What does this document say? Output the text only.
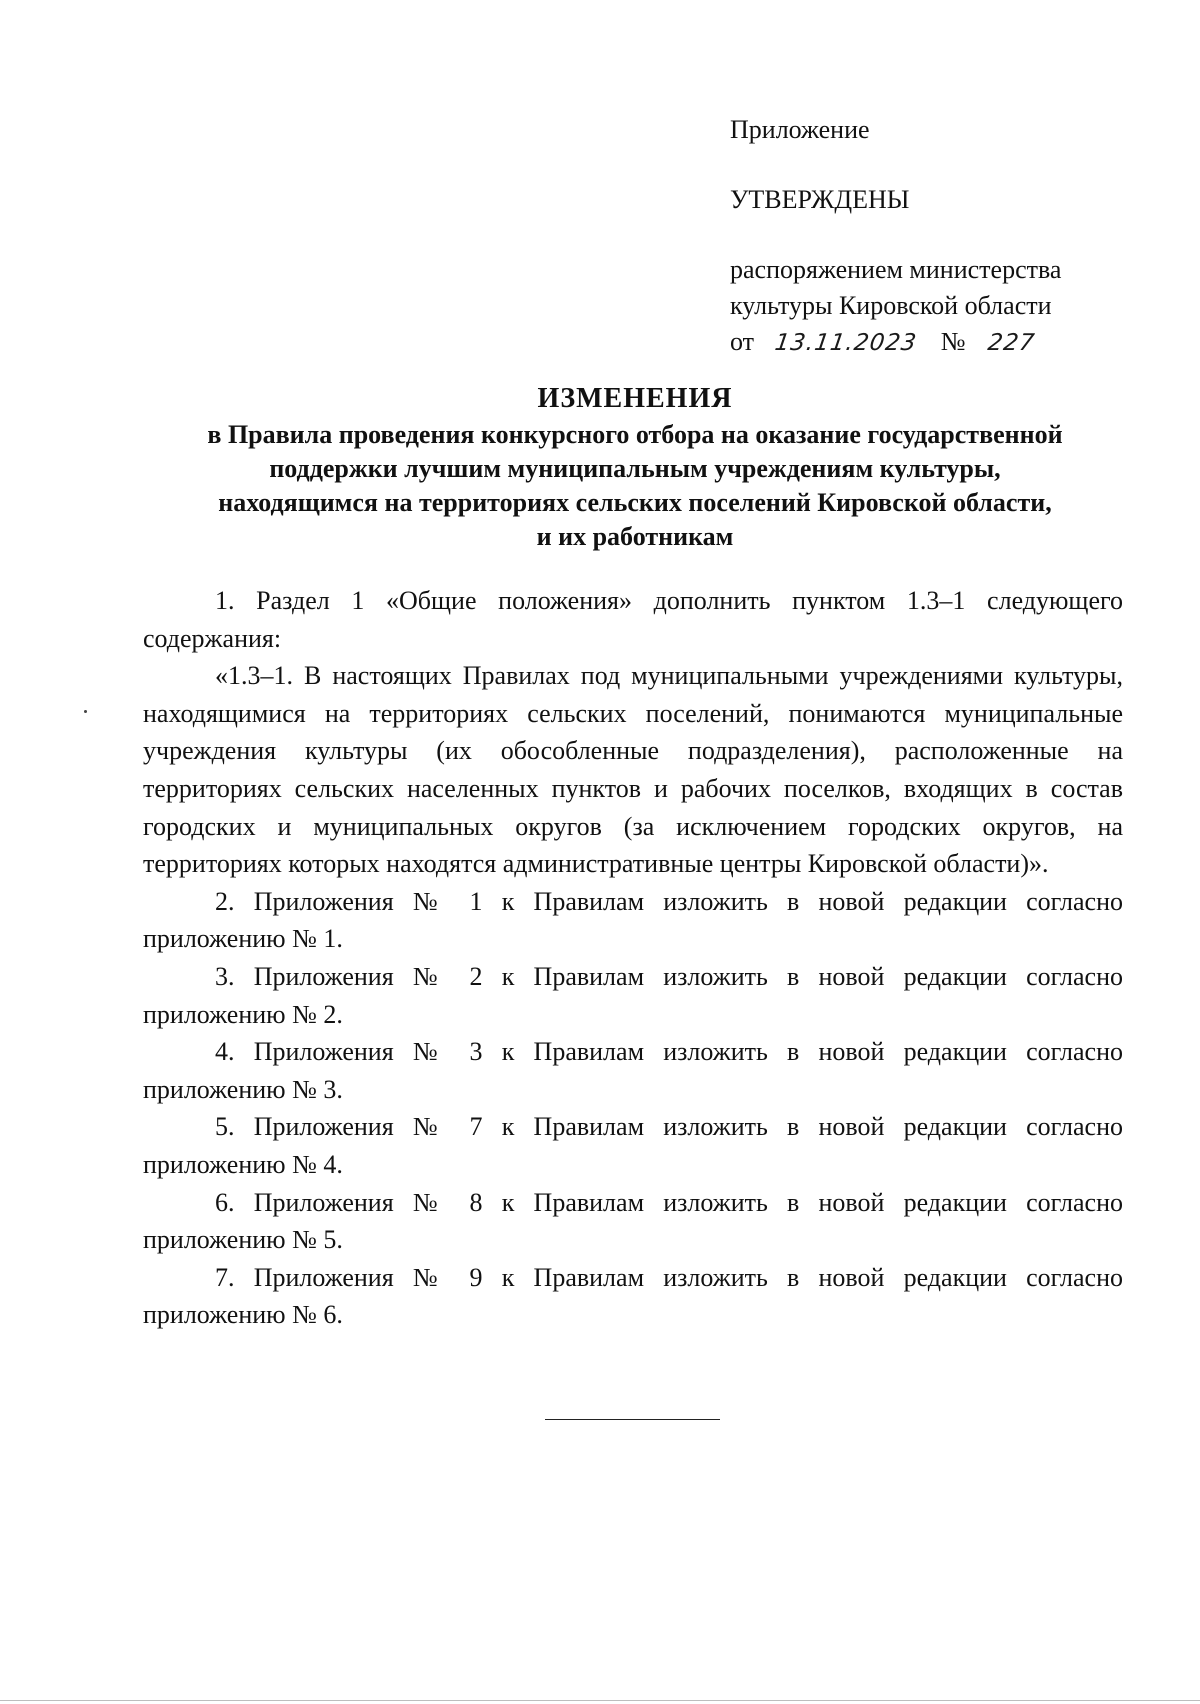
Приложение
УТВЕРЖДЕНЫ
распоряжением министерства
культуры Кировской области
от 13.11.2023 № 227
ИЗМЕНЕНИЯ
в Правила проведения конкурсного отбора на оказание государственной
поддержки лучшим муниципальным учреждениям культуры,
находящимся на территориях сельских поселений Кировской области,
и их работникам

1. Раздел 1 «Общие положения» дополнить пунктом 1.3–1 следующего содержания:

«1.3–1. В настоящих Правилах под муниципальными учреждениями культуры, находящимися на территориях сельских поселений, понимаются муниципальные учреждения культуры (их обособленные подразделения), расположенные на территориях сельских населенных пунктов и рабочих поселков, входящих в состав городских и муниципальных округов (за исключением городских округов, на территориях которых находятся административные центры Кировской области)».

2. Приложения № 1 к Правилам изложить в новой редакции согласно приложению № 1.

3. Приложения № 2 к Правилам изложить в новой редакции согласно приложению № 2.

4. Приложения № 3 к Правилам изложить в новой редакции согласно приложению № 3.

5. Приложения № 7 к Правилам изложить в новой редакции согласно приложению № 4.

6. Приложения № 8 к Правилам изложить в новой редакции согласно приложению № 5.

7. Приложения № 9 к Правилам изложить в новой редакции согласно приложению № 6.
